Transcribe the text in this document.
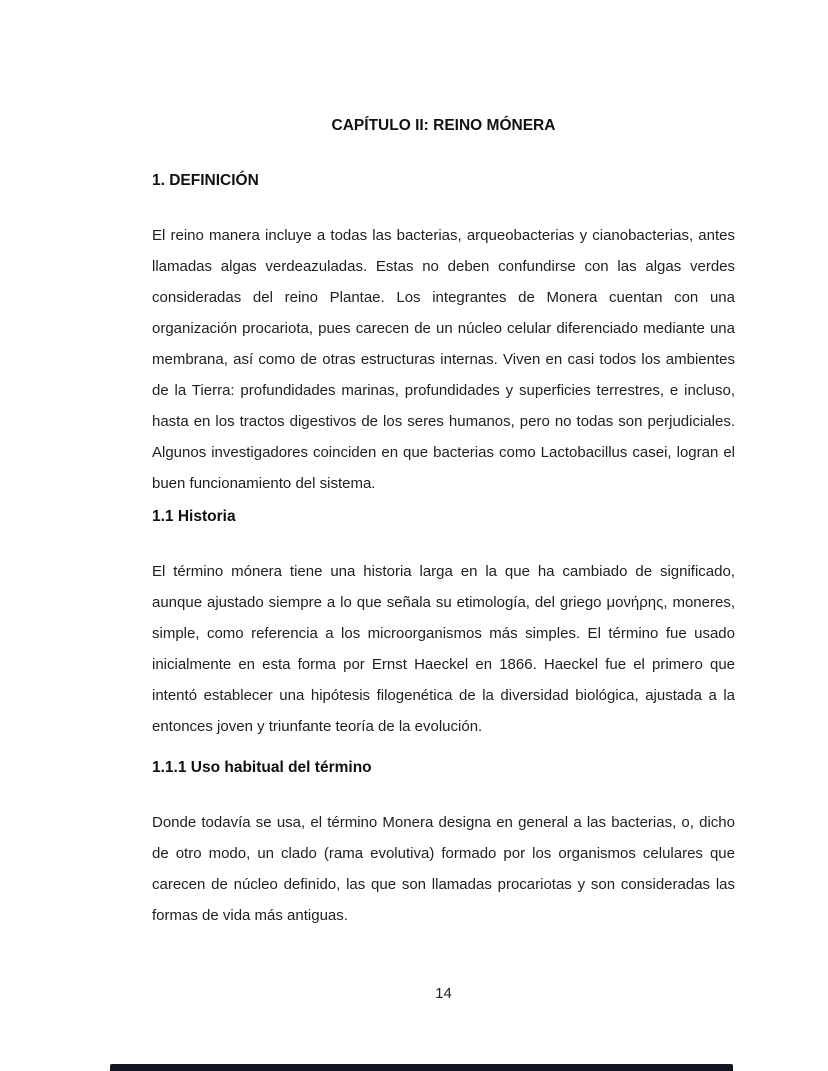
CAPÍTULO II: REINO MÓNERA
1. DEFINICIÓN
El reino manera incluye a todas las bacterias, arqueobacterias y cianobacterias, antes llamadas algas verdeazuladas. Estas no deben confundirse con las algas verdes consideradas del reino Plantae. Los integrantes de Monera cuentan con una organización procariota, pues carecen de un núcleo celular diferenciado mediante una membrana, así como de otras estructuras internas. Viven en casi todos los ambientes de la Tierra: profundidades marinas, profundidades y superficies terrestres, e incluso, hasta en los tractos digestivos de los seres humanos, pero no todas son perjudiciales. Algunos investigadores coinciden en que bacterias como Lactobacillus casei, logran el buen funcionamiento del sistema.
1.1 Historia
El término mónera tiene una historia larga en la que ha cambiado de significado, aunque ajustado siempre a lo que señala su etimología, del griego μονήρης, moneres, simple, como referencia a los microorganismos más simples. El término fue usado inicialmente en esta forma por Ernst Haeckel en 1866. Haeckel fue el primero que intentó establecer una hipótesis filogenética de la diversidad biológica, ajustada a la entonces joven y triunfante teoría de la evolución.
1.1.1 Uso habitual del término
Donde todavía se usa, el término Monera designa en general a las bacterias, o, dicho de otro modo, un clado (rama evolutiva) formado por los organismos celulares que carecen de núcleo definido, las que son llamadas procariotas y son consideradas las formas de vida más antiguas.
14
